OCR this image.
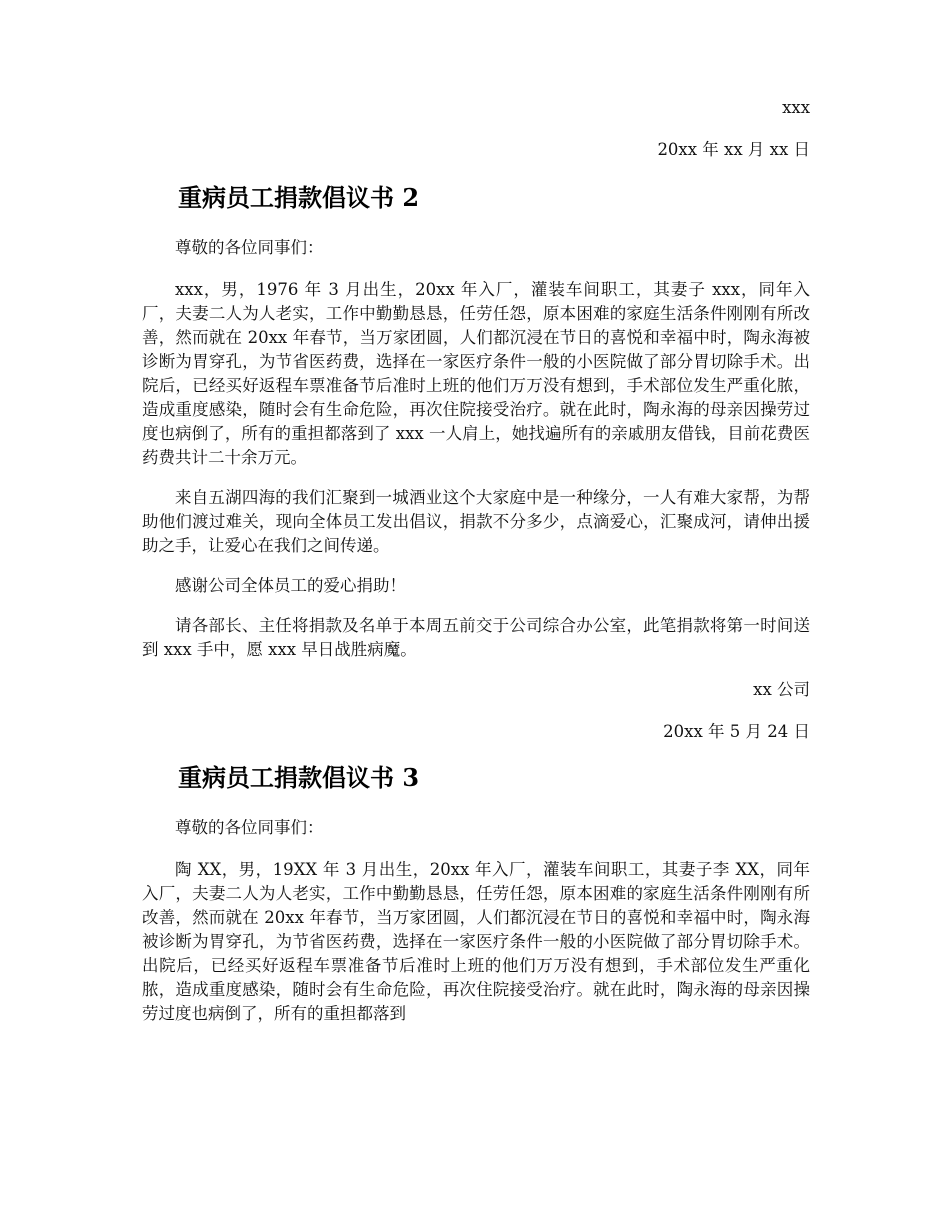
xxx
20xx 年 xx 月 xx 日
重病员工捐款倡议书 2

尊敬的各位同事们：

xxx，男，1976 年 3 月出生，20xx 年入厂，灌装车间职工，其妻子 xxx，同年入厂，夫妻二人为人老实，工作中勤勤恳恳，任劳任怨，原本困难的家庭生活条件刚刚有所改善，然而就在 20xx 年春节，当万家团圆，人们都沉浸在节日的喜悦和幸福中时，陶永海被诊断为胃穿孔，为节省医药费，选择在一家医疗条件一般的小医院做了部分胃切除手术。出院后，已经买好返程车票准备节后准时上班的他们万万没有想到，手术部位发生严重化脓，造成重度感染，随时会有生命危险，再次住院接受治疗。就在此时，陶永海的母亲因操劳过度也病倒了，所有的重担都落到了 xxx 一人肩上，她找遍所有的亲戚朋友借钱，目前花费医药费共计二十余万元。

来自五湖四海的我们汇聚到一城酒业这个大家庭中是一种缘分，一人有难大家帮，为帮助他们渡过难关，现向全体员工发出倡议，捐款不分多少，点滴爱心，汇聚成河，请伸出援助之手，让爱心在我们之间传递。

感谢公司全体员工的爱心捐助！

请各部长、主任将捐款及名单于本周五前交于公司综合办公室，此笔捐款将第一时间送到 xxx 手中，愿 xxx 早日战胜病魔。

xx 公司
20xx 年 5 月 24 日
重病员工捐款倡议书 3

尊敬的各位同事们：

陶 XX，男，19XX 年 3 月出生，20xx 年入厂，灌装车间职工，其妻子李 XX，同年入厂，夫妻二人为人老实，工作中勤勤恳恳，任劳任怨，原本困难的家庭生活条件刚刚有所改善，然而就在 20xx 年春节，当万家团圆，人们都沉浸在节日的喜悦和幸福中时，陶永海被诊断为胃穿孔，为节省医药费，选择在一家医疗条件一般的小医院做了部分胃切除手术。出院后，已经买好返程车票准备节后准时上班的他们万万没有想到，手术部位发生严重化脓，造成重度感染，随时会有生命危险，再次住院接受治疗。就在此时，陶永海的母亲因操劳过度也病倒了，所有的重担都落到
